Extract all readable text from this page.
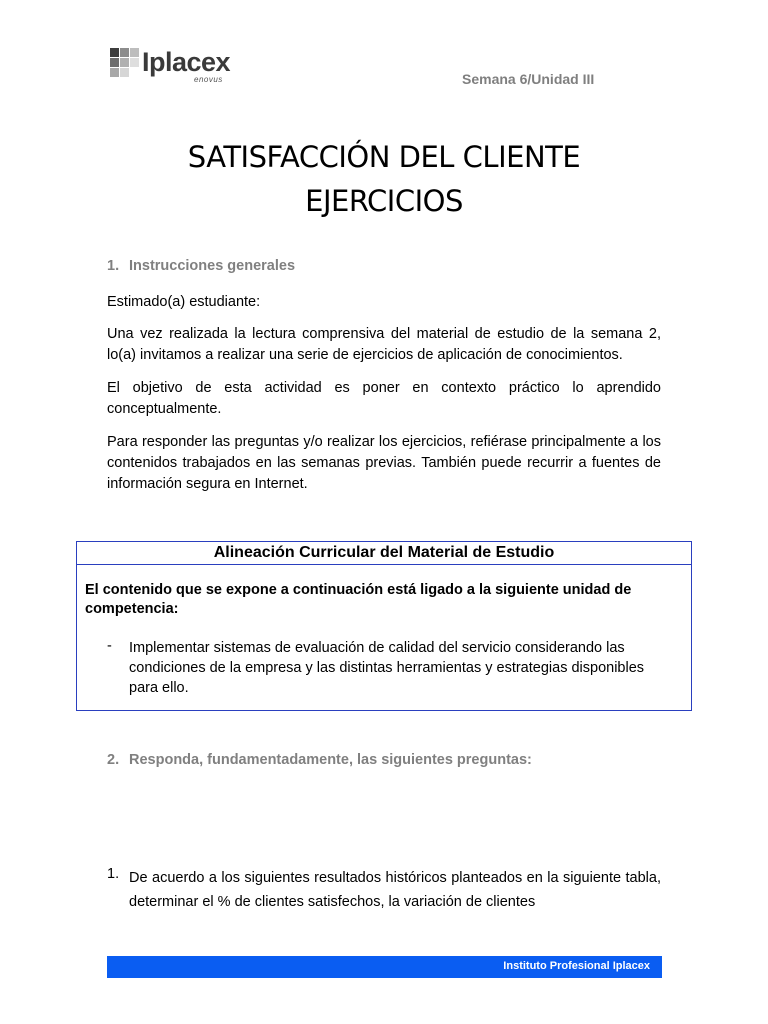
Iplacex
enovus	Semana 6/Unidad III
SATISFACCIÓN DEL CLIENTE
EJERCICIOS
1. Instrucciones generales
Estimado(a) estudiante:
Una vez realizada la lectura comprensiva del material de estudio de la semana 2, lo(a) invitamos a realizar una serie de ejercicios de aplicación de conocimientos.
El objetivo de esta actividad es poner en contexto práctico lo aprendido conceptualmente.
Para responder las preguntas y/o realizar los ejercicios, refiérase principalmente a los contenidos trabajados en las semanas previas. También puede recurrir a fuentes de información segura en Internet.
Alineación Curricular del Material de Estudio
El contenido que se expone a continuación está ligado a la siguiente unidad de competencia:
- Implementar sistemas de evaluación de calidad del servicio considerando las condiciones de la empresa y las distintas herramientas y estrategias disponibles para ello.
2. Responda, fundamentadamente, las siguientes preguntas:
1. De acuerdo a los siguientes resultados históricos planteados en la siguiente tabla, determinar el % de clientes satisfechos, la variación de clientes
Instituto Profesional Iplacex
